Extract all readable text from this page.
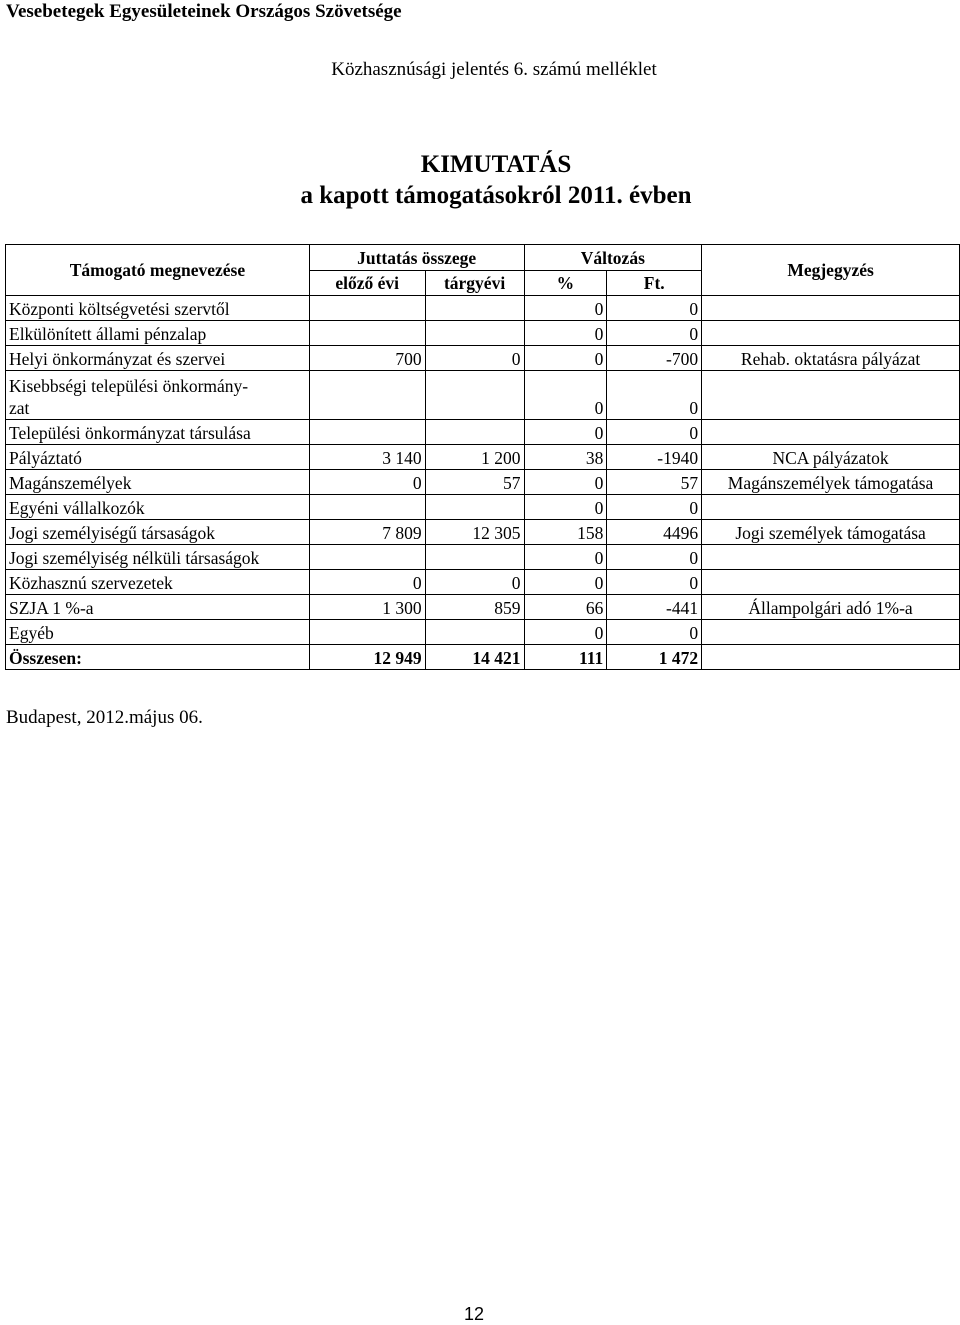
Vesebetegek Egyesületeinek Országos Szövetsége
Közhasznúsági jelentés 6. számú melléklet
KIMUTATÁS
a kapott támogatásokról 2011. évben
Támogató megnevezése	Juttatás összege		Változás		Megjegyzés
	előző évi	tárgyévi	%	Ft.	
Központi költségvetési szervtől			0	0	
Elkülönített állami pénzalap			0	0	
Helyi önkormányzat és szervei	700	0	0	-700	Rehab. oktatásra pályázat
Kisebbségi települési önkormány-
zat			0	0	
Települési önkormányzat társulása			0	0	
Pályáztató	3 140	1 200	38	-1940	NCA pályázatok
Magánszemélyek	0	57	0	57	Magánszemélyek támogatása
Egyéni vállalkozók			0	0	
Jogi személyiségű társaságok	7 809	12 305	158	4496	Jogi személyek támogatása
Jogi személyiség nélküli társaságok			0	0	
Közhasznú szervezetek	0	0	0	0	
SZJA 1 %-a	1 300	859	66	-441	Állampolgári adó 1%-a
Egyéb			0	0	
Összesen:	12 949	14 421	111	1 472	
Budapest, 2012.május 06.
12
